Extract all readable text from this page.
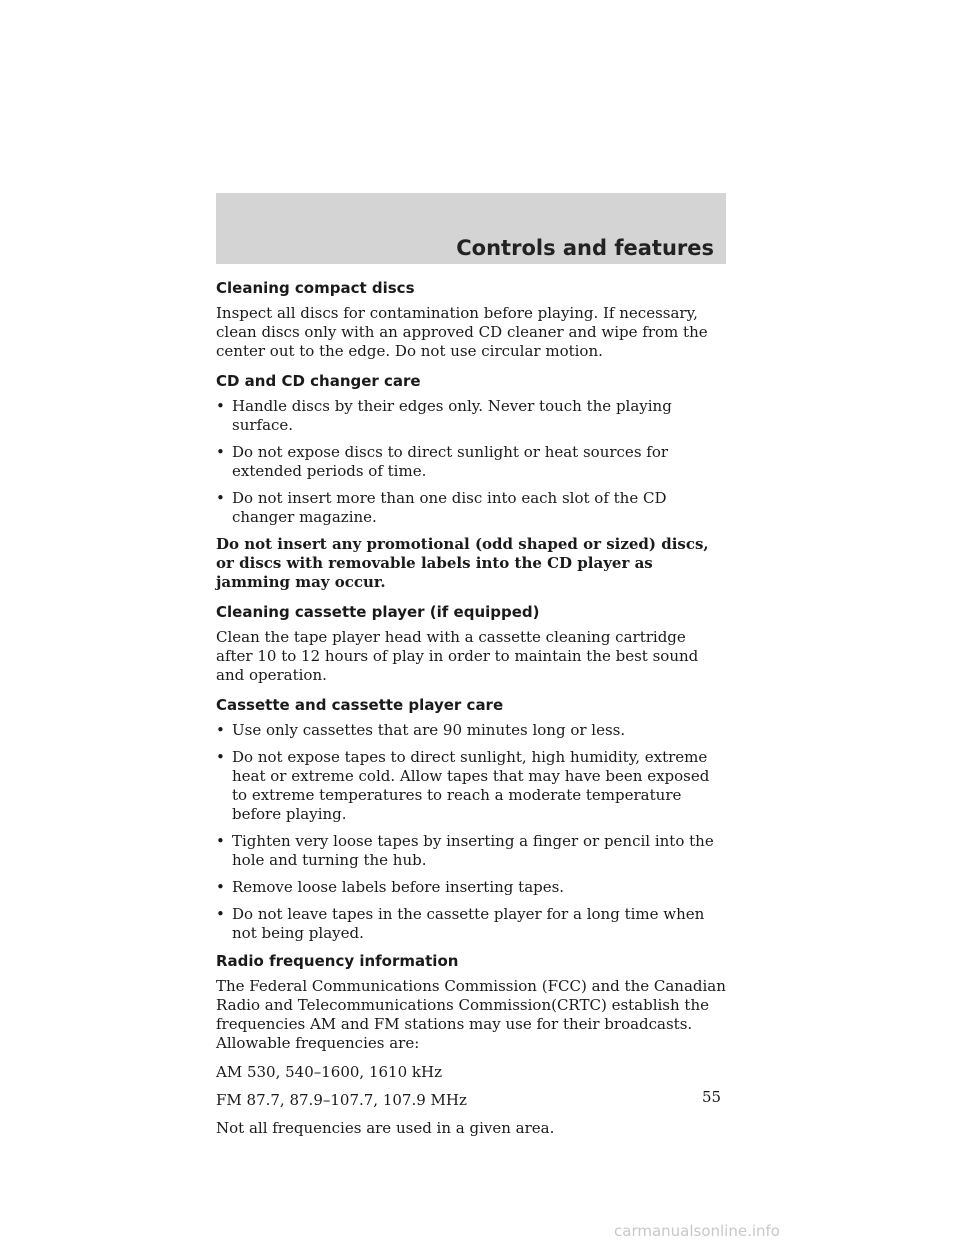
Controls and features
Cleaning compact discs

Inspect all discs for contamination before playing. If necessary, clean discs only with an approved CD cleaner and wipe from the center out to the edge. Do not use circular motion.

CD and CD changer care
• Handle discs by their edges only. Never touch the playing surface.
• Do not expose discs to direct sunlight or heat sources for extended periods of time.
• Do not insert more than one disc into each slot of the CD changer magazine.

Do not insert any promotional (odd shaped or sized) discs, or discs with removable labels into the CD player as jamming may occur.

Cleaning cassette player (if equipped)

Clean the tape player head with a cassette cleaning cartridge after 10 to 12 hours of play in order to maintain the best sound and operation.

Cassette and cassette player care
• Use only cassettes that are 90 minutes long or less.
• Do not expose tapes to direct sunlight, high humidity, extreme heat or extreme cold. Allow tapes that may have been exposed to extreme temperatures to reach a moderate temperature before playing.
• Tighten very loose tapes by inserting a finger or pencil into the hole and turning the hub.
• Remove loose labels before inserting tapes.
• Do not leave tapes in the cassette player for a long time when not being played.
Radio frequency information

The Federal Communications Commission (FCC) and the Canadian Radio and Telecommunications Commission(CRTC) establish the frequencies AM and FM stations may use for their broadcasts. Allowable frequencies are:

AM 530, 540–1600, 1610 kHz

FM 87.7, 87.9–107.7, 107.9 MHz

Not all frequencies are used in a given area.

55
carmanualsonline.info
